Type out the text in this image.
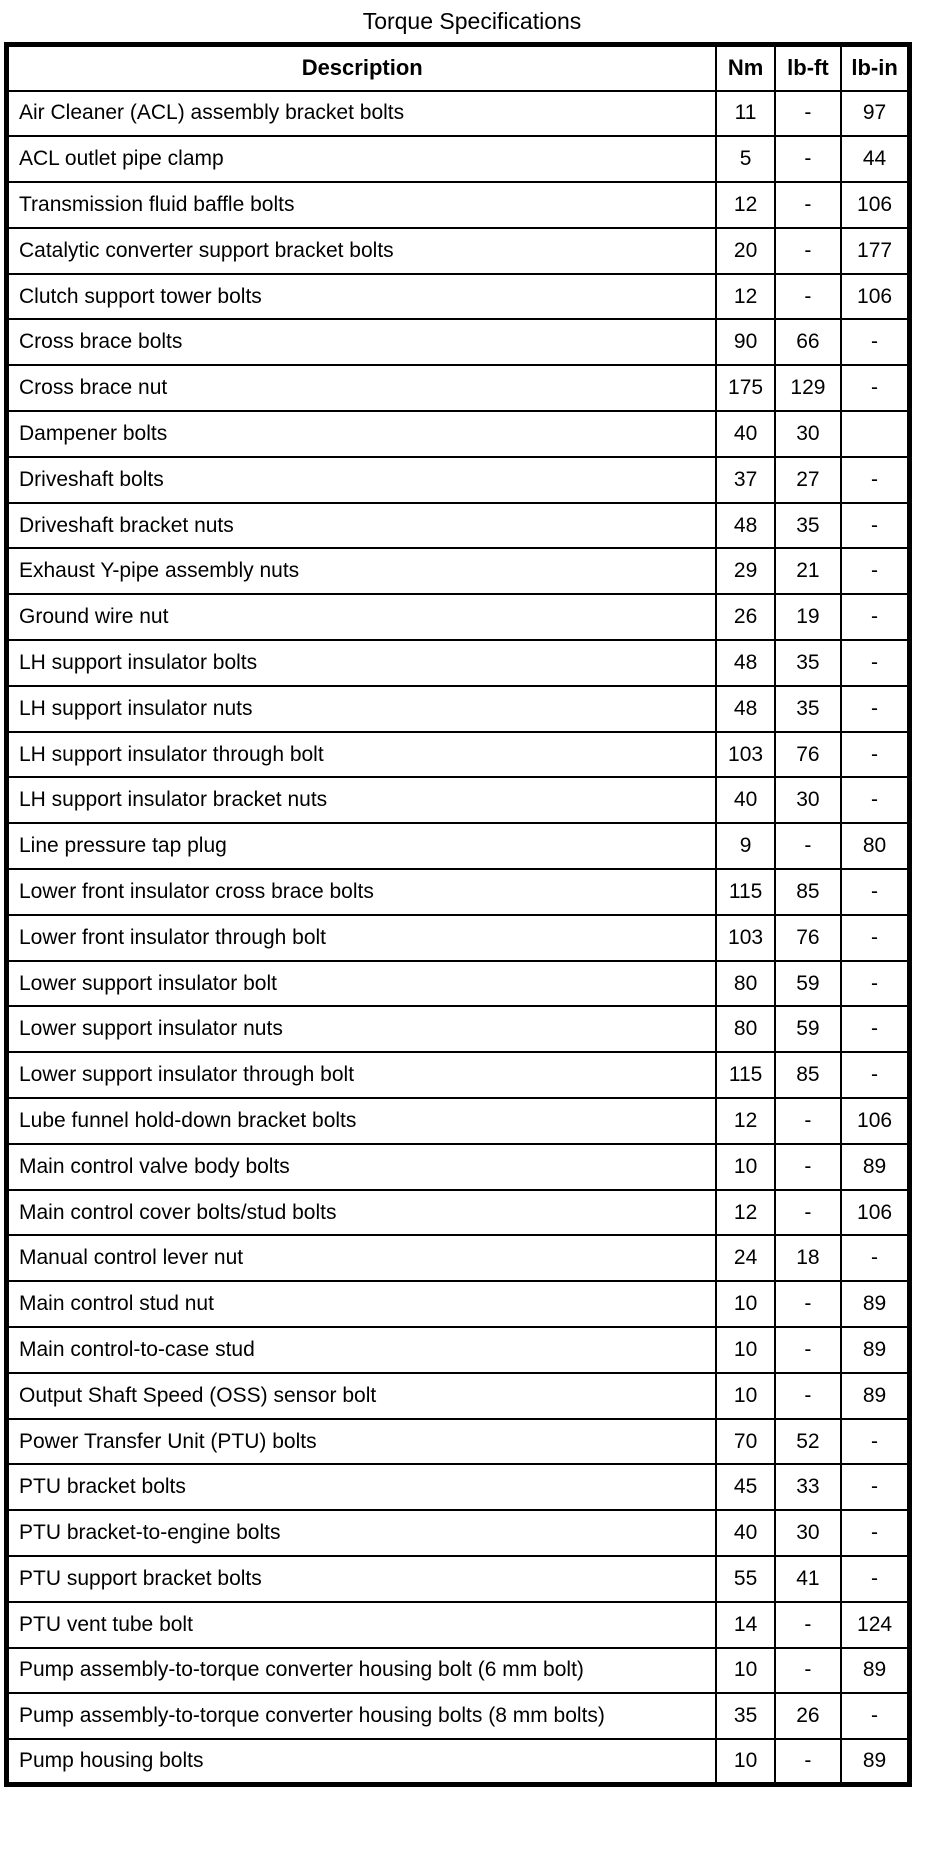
Torque Specifications
Description	Nm	lb-ft	lb-in
Air Cleaner (ACL) assembly bracket bolts	11	-	97
ACL outlet pipe clamp	5	-	44
Transmission fluid baffle bolts	12	-	106
Catalytic converter support bracket bolts	20	-	177
Clutch support tower bolts	12	-	106
Cross brace bolts	90	66	-
Cross brace nut	175	129	-
Dampener bolts	40	30	
Driveshaft bolts	37	27	-
Driveshaft bracket nuts	48	35	-
Exhaust Y-pipe assembly nuts	29	21	-
Ground wire nut	26	19	-
LH support insulator bolts	48	35	-
LH support insulator nuts	48	35	-
LH support insulator through bolt	103	76	-
LH support insulator bracket nuts	40	30	-
Line pressure tap plug	9	-	80
Lower front insulator cross brace bolts	115	85	-
Lower front insulator through bolt	103	76	-
Lower support insulator bolt	80	59	-
Lower support insulator nuts	80	59	-
Lower support insulator through bolt	115	85	-
Lube funnel hold-down bracket bolts	12	-	106
Main control valve body bolts	10	-	89
Main control cover bolts/stud bolts	12	-	106
Manual control lever nut	24	18	-
Main control stud nut	10	-	89
Main control-to-case stud	10	-	89
Output Shaft Speed (OSS) sensor bolt	10	-	89
Power Transfer Unit (PTU) bolts	70	52	-
PTU bracket bolts	45	33	-
PTU bracket-to-engine bolts	40	30	-
PTU support bracket bolts	55	41	-
PTU vent tube bolt	14	-	124
Pump assembly-to-torque converter housing bolt (6 mm bolt)	10	-	89
Pump assembly-to-torque converter housing bolts (8 mm bolts)	35	26	-
Pump housing bolts	10	-	89
